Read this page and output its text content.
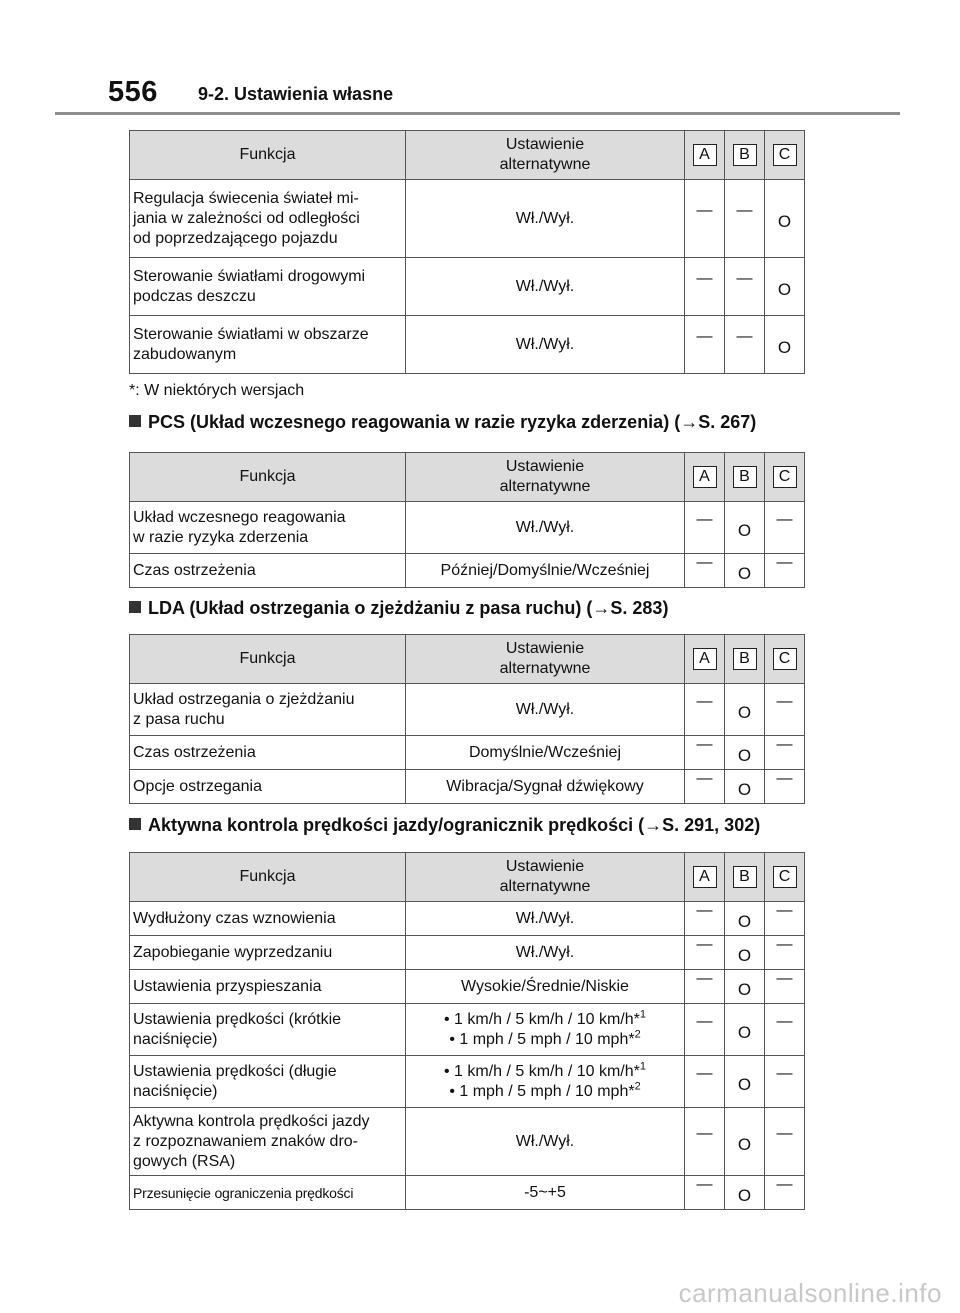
556 9-2. Ustawienia własne
Funkcja	Ustawienie
alternatywne	A	B	C
Regulacja świecenia świateł mi-
jania w zależności od odległości
od poprzedzającego pojazdu	Wł./Wył.	—	—	O
Sterowanie światłami drogowymi
podczas deszczu	Wł./Wył.	—	—	O
Sterowanie światłami w obszarze
zabudowanym	Wł./Wył.	—	—	O
*: W niektórych wersjach
PCS (Układ wczesnego reagowania w razie ryzyka zderzenia) (→S. 267)
Funkcja	Ustawienie
alternatywne	A	B	C
Układ wczesnego reagowania
w razie ryzyka zderzenia	Wł./Wył.	—	O	—
Czas ostrzeżenia	Później/Domyślnie/Wcześniej	—	O	—
LDA (Układ ostrzegania o zjeżdżaniu z pasa ruchu) (→S. 283)
Funkcja	Ustawienie
alternatywne	A	B	C
Układ ostrzegania o zjeżdżaniu
z pasa ruchu	Wł./Wył.	—	O	—
Czas ostrzeżenia	Domyślnie/Wcześniej	—	O	—
Opcje ostrzegania	Wibracja/Sygnał dźwiękowy	—	O	—
Aktywna kontrola prędkości jazdy/ogranicznik prędkości (→S. 291, 302)
Funkcja	Ustawienie
alternatywne	A	B	C
Wydłużony czas wznowienia	Wł./Wył.	—	O	—
Zapobieganie wyprzedzaniu	Wł./Wył.	—	O	—
Ustawienia przyspieszania	Wysokie/Średnie/Niskie	—	O	—
Ustawienia prędkości (krótkie
naciśnięcie)	• 1 km/h / 5 km/h / 10 km/h*$^1$
• 1 mph / 5 mph / 10 mph*$^2$	—	O	—
Ustawienia prędkości (długie
naciśnięcie)	• 1 km/h / 5 km/h / 10 km/h*$^1$
• 1 mph / 5 mph / 10 mph*$^2$	—	O	—
Aktywna kontrola prędkości jazdy
z rozpoznawaniem znaków dro-
gowych (RSA)	Wł./Wył.	—	O	—
Przesunięcie ograniczenia prędkości	-5~+5	—	O	—
carmanualsonline.info
